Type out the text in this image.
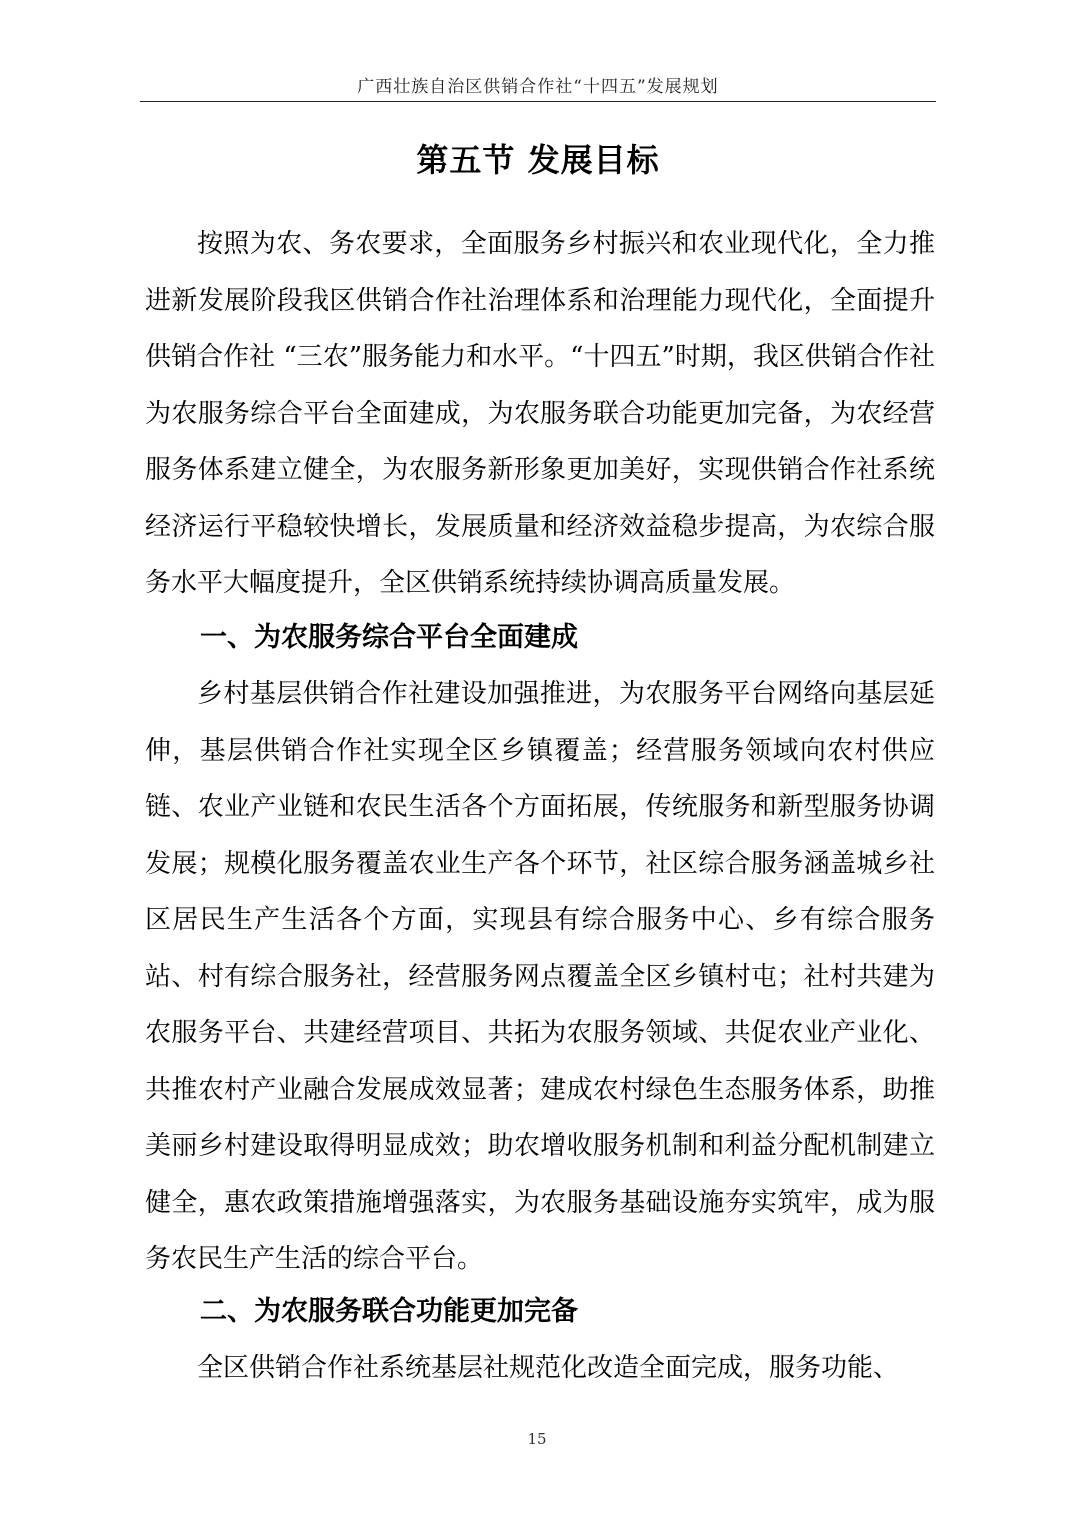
广西壮族自治区供销合作社“十四五”发展规划
第五节 发展目标

按照为农、务农要求，全面服务乡村振兴和农业现代化，全力推进新发展阶段我区供销合作社治理体系和治理能力现代化，全面提升供销合作社 “三农”服务能力和水平。“十四五”时期，我区供销合作社为农服务综合平台全面建成，为农服务联合功能更加完备，为农经营服务体系建立健全，为农服务新形象更加美好，实现供销合作社系统经济运行平稳较快增长，发展质量和经济效益稳步提高，为农综合服务水平大幅度提升，全区供销系统持续协调高质量发展。

一、为农服务综合平台全面建成

乡村基层供销合作社建设加强推进，为农服务平台网络向基层延伸，基层供销合作社实现全区乡镇覆盖；经营服务领域向农村供应链、农业产业链和农民生活各个方面拓展，传统服务和新型服务协调发展；规模化服务覆盖农业生产各个环节，社区综合服务涵盖城乡社区居民生产生活各个方面，实现县有综合服务中心、乡有综合服务站、村有综合服务社，经营服务网点覆盖全区乡镇村屯；社村共建为农服务平台、共建经营项目、共拓为农服务领域、共促农业产业化、共推农村产业融合发展成效显著；建成农村绿色生态服务体系，助推美丽乡村建设取得明显成效；助农增收服务机制和利益分配机制建立健全，惠农政策措施增强落实，为农服务基础设施夯实筑牢，成为服务农民生产生活的综合平台。

二、为农服务联合功能更加完备

全区供销合作社系统基层社规范化改造全面完成，服务功能、

15
